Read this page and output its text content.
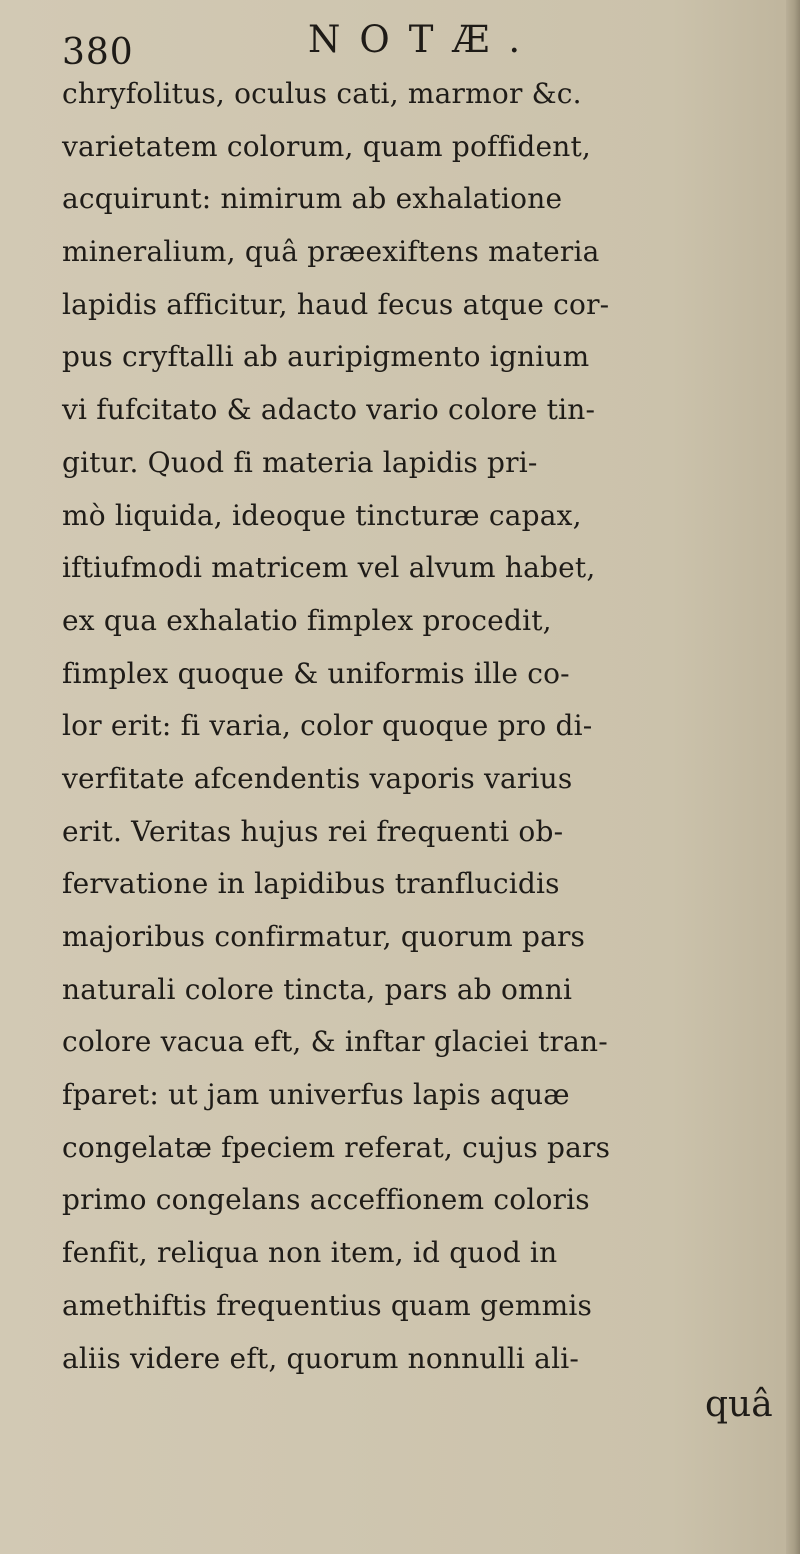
380	NOTÆ.
chryfolitus, oculus cati, marmor &c.
varietatem colorum, quam poffident,
acquirunt: nimirum ab exhalatione
mineralium, quâ præexiftens materia
lapidis afficitur, haud fecus atque cor-
pus cryftalli ab auripigmento ignium
vi fufcitato & adaᴄto vario colore tin-
gitur. Quod fi materia lapidis pri-
mò liquida, ideoque tinᴄturæ capax,
iftiufmodi matricem vel alvum habet,
ex qua exhalatio fimplex procedit,
fimplex quoque & uniformis ille co-
lor erit: fi varia, color quoque pro di-
verfitate afcendentis vaporis varius
erit. Veritas hujus rei frequenti ob-
fervatione in lapidibus tranflucidis
majoribus confirmatur, quorum pars
naturali colore tinᴄta, pars ab omni
colore vacua eft, & inftar glaciei tran-
fparet: ut jam univerfus lapis aquæ
congelatæ fpeciem referat, cujus pars
primo congelans acceffionem coloris
fenfit, reliqua non item, id quod in
amethiftis frequentius quam gemmis
aliis videre eft, quorum nonnulli ali-
quâ
